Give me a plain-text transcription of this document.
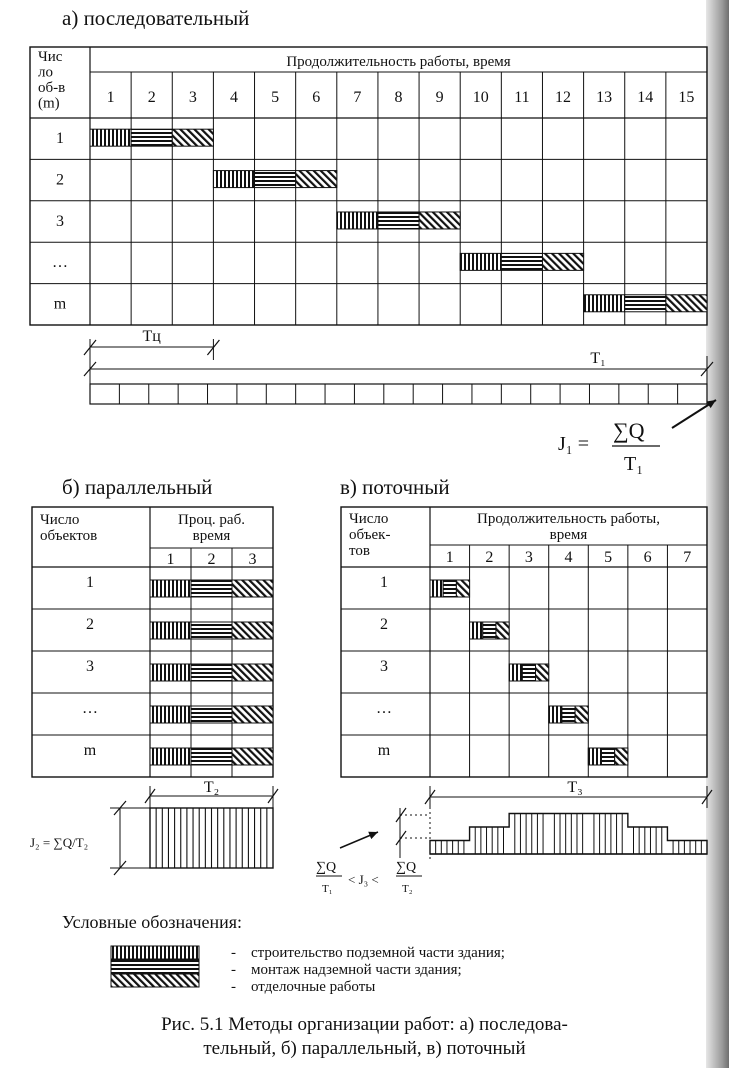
а) последовательный
б) параллельный	в) поточный
Продолжительность работы, время
Чис
ло
об-в
(m)	1 2 3 4 5 6 7 8 9 10 11 12 13 14 15
1
2
3
…
m
Тц
T₁
Число
объектов
Проц. раб.
время
1 2 3
1
2
3
…
m
T₂
J₂ = ∑Q/T₂
Число
объек-
тов
Продолжительность работы,
время
1 2 3 4 5 6 7
1
2
3
…
m
T₃
J₁ =
∑Q
T₁
∑Q
T₁
< J₃ <
∑Q
T₂
Условные обозначения:
-    строительство подземной части здания;
-    монтаж надземной части здания;
-    отделочные работы
Рис. 5.1 Методы организации работ: а) последова-
тельный, б) параллельный, в) поточный
